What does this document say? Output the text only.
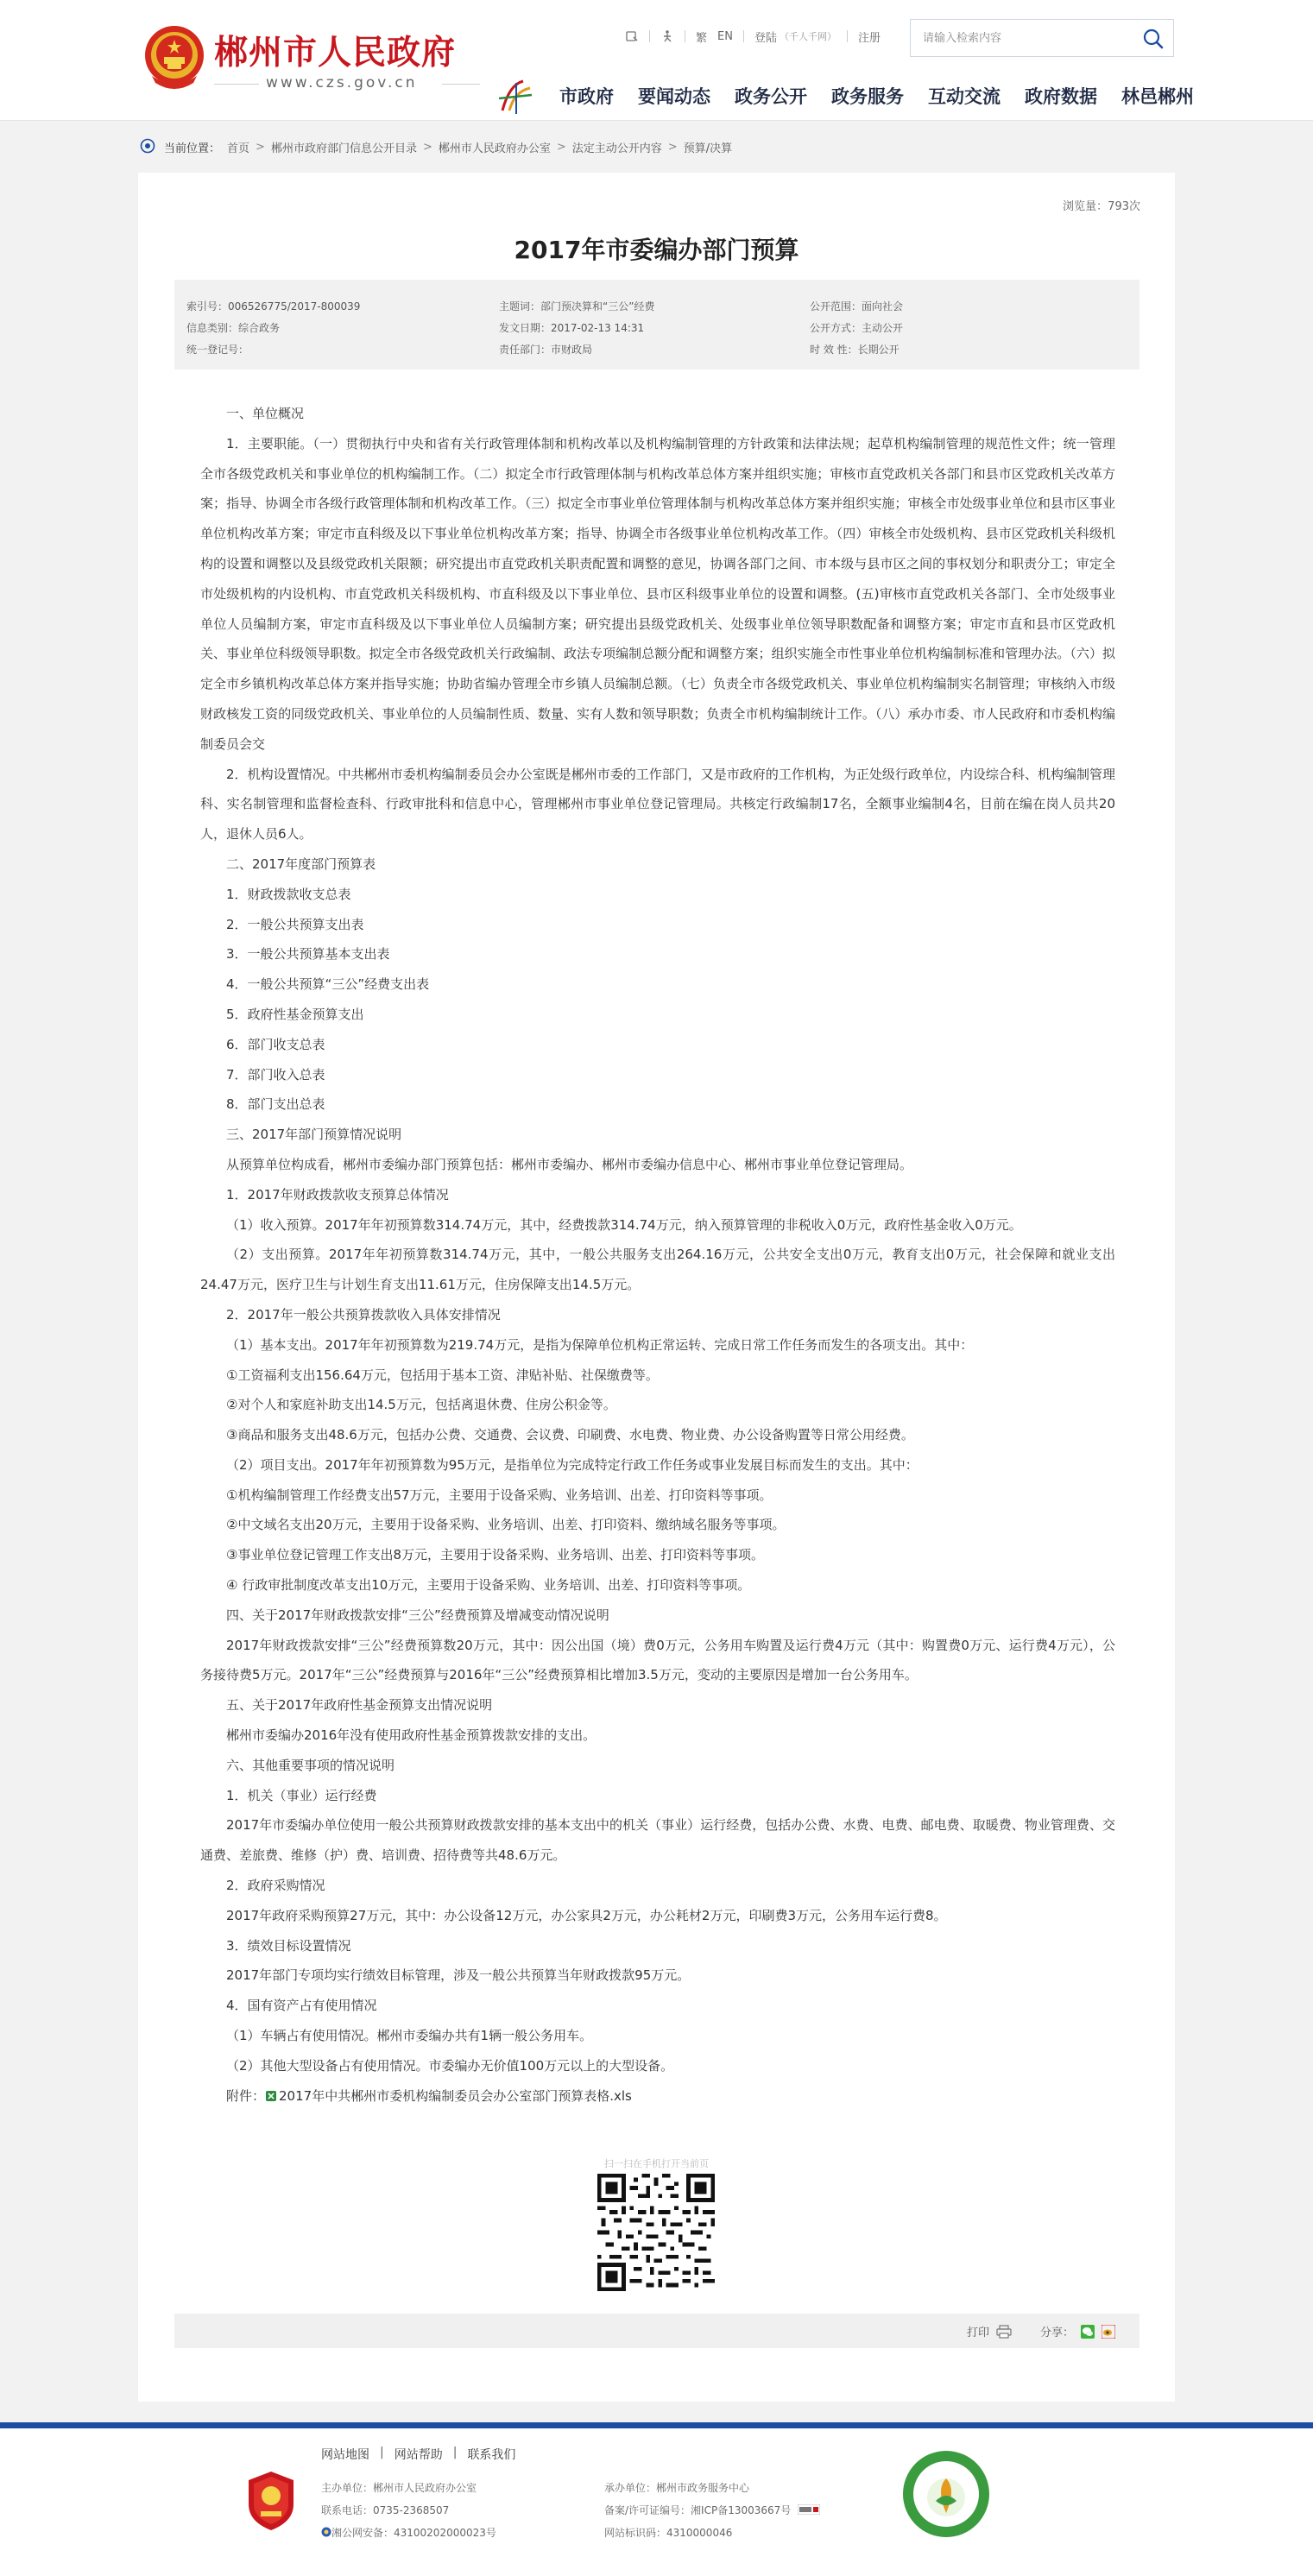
郴州市人民政府
www.czs.gov.cn
繁 EN 登陆 （千人千网） 注册
请输入检索内容
市政府 要闻动态 政务公开 政务服务 互动交流 政府数据 林邑郴州
当前位置： 首页 > 郴州市政府部门信息公开目录 > 郴州市人民政府办公室 > 法定主动公开内容 > 预算/决算
浏览量：793次
2017年市委编办部门预算
索引号：006526775/2017-800039	主题词：部门预决算和“三公”经费	公开范围：面向社会
信息类别：综合政务	发文日期：2017-02-13 14:31	公开方式：主动公开
统一登记号：	责任部门：市财政局	时 效 性：长期公开

一、单位概况

1．主要职能。（一）贯彻执行中央和省有关行政管理体制和机构改革以及机构编制管理的方针政策和法律法规；起草机构编制管理的规范性文件；统一管理全市各级党政机关和事业单位的机构编制工作。（二）拟定全市行政管理体制与机构改革总体方案并组织实施；审核市直党政机关各部门和县市区党政机关改革方案；指导、协调全市各级行政管理体制和机构改革工作。（三）拟定全市事业单位管理体制与机构改革总体方案并组织实施；审核全市处级事业单位和县市区事业单位机构改革方案；审定市直科级及以下事业单位机构改革方案；指导、协调全市各级事业单位机构改革工作。（四）审核全市处级机构、县市区党政机关科级机构的设置和调整以及县级党政机关限额；研究提出市直党政机关职责配置和调整的意见，协调各部门之间、市本级与县市区之间的事权划分和职责分工；审定全市处级机构的内设机构、市直党政机关科级机构、市直科级及以下事业单位、县市区科级事业单位的设置和调整。(五)审核市直党政机关各部门、全市处级事业单位人员编制方案，审定市直科级及以下事业单位人员编制方案；研究提出县级党政机关、处级事业单位领导职数配备和调整方案；审定市直和县市区党政机关、事业单位科级领导职数。拟定全市各级党政机关行政编制、政法专项编制总额分配和调整方案；组织实施全市性事业单位机构编制标准和管理办法。（六）拟定全市乡镇机构改革总体方案并指导实施；协助省编办管理全市乡镇人员编制总额。（七）负责全市各级党政机关、事业单位机构编制实名制管理；审核纳入市级财政核发工资的同级党政机关、事业单位的人员编制性质、数量、实有人数和领导职数；负责全市机构编制统计工作。（八）承办市委、市人民政府和市委机构编制委员会交

2．机构设置情况。中共郴州市委机构编制委员会办公室既是郴州市委的工作部门，又是市政府的工作机构，为正处级行政单位，内设综合科、机构编制管理科、实名制管理和监督检查科、行政审批科和信息中心，管理郴州市事业单位登记管理局。共核定行政编制17名，全额事业编制4名，目前在编在岗人员共20人，退休人员6人。

二、2017年度部门预算表

1．财政拨款收支总表

2．一般公共预算支出表

3．一般公共预算基本支出表

4．一般公共预算“三公”经费支出表

5．政府性基金预算支出

6．部门收支总表

7．部门收入总表

8．部门支出总表

三、2017年部门预算情况说明

从预算单位构成看，郴州市委编办部门预算包括：郴州市委编办、郴州市委编办信息中心、郴州市事业单位登记管理局。

1．2017年财政拨款收支预算总体情况

（1）收入预算。2017年年初预算数314.74万元，其中，经费拨款314.74万元，纳入预算管理的非税收入0万元，政府性基金收入0万元。

（2）支出预算。2017年年初预算数314.74万元，其中，一般公共服务支出264.16万元，公共安全支出0万元，教育支出0万元，社会保障和就业支出24.47万元，医疗卫生与计划生育支出11.61万元，住房保障支出14.5万元。

2．2017年一般公共预算拨款收入具体安排情况

（1）基本支出。2017年年初预算数为219.74万元，是指为保障单位机构正常运转、完成日常工作任务而发生的各项支出。其中：

①工资福利支出156.64万元，包括用于基本工资、津贴补贴、社保缴费等。

②对个人和家庭补助支出14.5万元，包括离退休费、住房公积金等。

③商品和服务支出48.6万元，包括办公费、交通费、会议费、印刷费、水电费、物业费、办公设备购置等日常公用经费。

（2）项目支出。2017年年初预算数为95万元，是指单位为完成特定行政工作任务或事业发展目标而发生的支出。其中：

①机构编制管理工作经费支出57万元，主要用于设备采购、业务培训、出差、打印资料等事项。

②中文域名支出20万元，主要用于设备采购、业务培训、出差、打印资料、缴纳域名服务等事项。

③事业单位登记管理工作支出8万元，主要用于设备采购、业务培训、出差、打印资料等事项。

④ 行政审批制度改革支出10万元，主要用于设备采购、业务培训、出差、打印资料等事项。

四、关于2017年财政拨款安排“三公”经费预算及增减变动情况说明

2017年财政拨款安排“三公”经费预算数20万元，其中：因公出国（境）费0万元，公务用车购置及运行费4万元（其中：购置费0万元、运行费4万元），公务接待费5万元。2017年“三公”经费预算与2016年“三公”经费预算相比增加3.5万元，变动的主要原因是增加一台公务用车。

五、关于2017年政府性基金预算支出情况说明

郴州市委编办2016年没有使用政府性基金预算拨款安排的支出。

六、其他重要事项的情况说明

1．机关（事业）运行经费

2017年市委编办单位使用一般公共预算财政拨款安排的基本支出中的机关（事业）运行经费，包括办公费、水费、电费、邮电费、取暖费、物业管理费、交通费、差旅费、维修（护）费、培训费、招待费等共48.6万元。

2．政府采购情况

2017年政府采购预算27万元，其中：办公设备12万元，办公家具2万元，办公耗材2万元，印刷费3万元，公务用车运行费8。

3．绩效目标设置情况

2017年部门专项均实行绩效目标管理，涉及一般公共预算当年财政拨款95万元。

4．国有资产占有使用情况

（1）车辆占有使用情况。郴州市委编办共有1辆一般公务用车。

（2）其他大型设备占有使用情况。市委编办无价值100万元以上的大型设备。

附件： 2017年中共郴州市委机构编制委员会办公室部门预算表格.xls

扫一扫在手机打开当前页
打印	分享：
网站地图 | 网站帮助 | 联系我们
主办单位：郴州市人民政府办公室
联系电话：0735-2368507
湘公网安备：43100202000023号
承办单位：郴州市政务服务中心
备案/许可证编号：湘ICP备13003667号
网站标识码：4310000046
